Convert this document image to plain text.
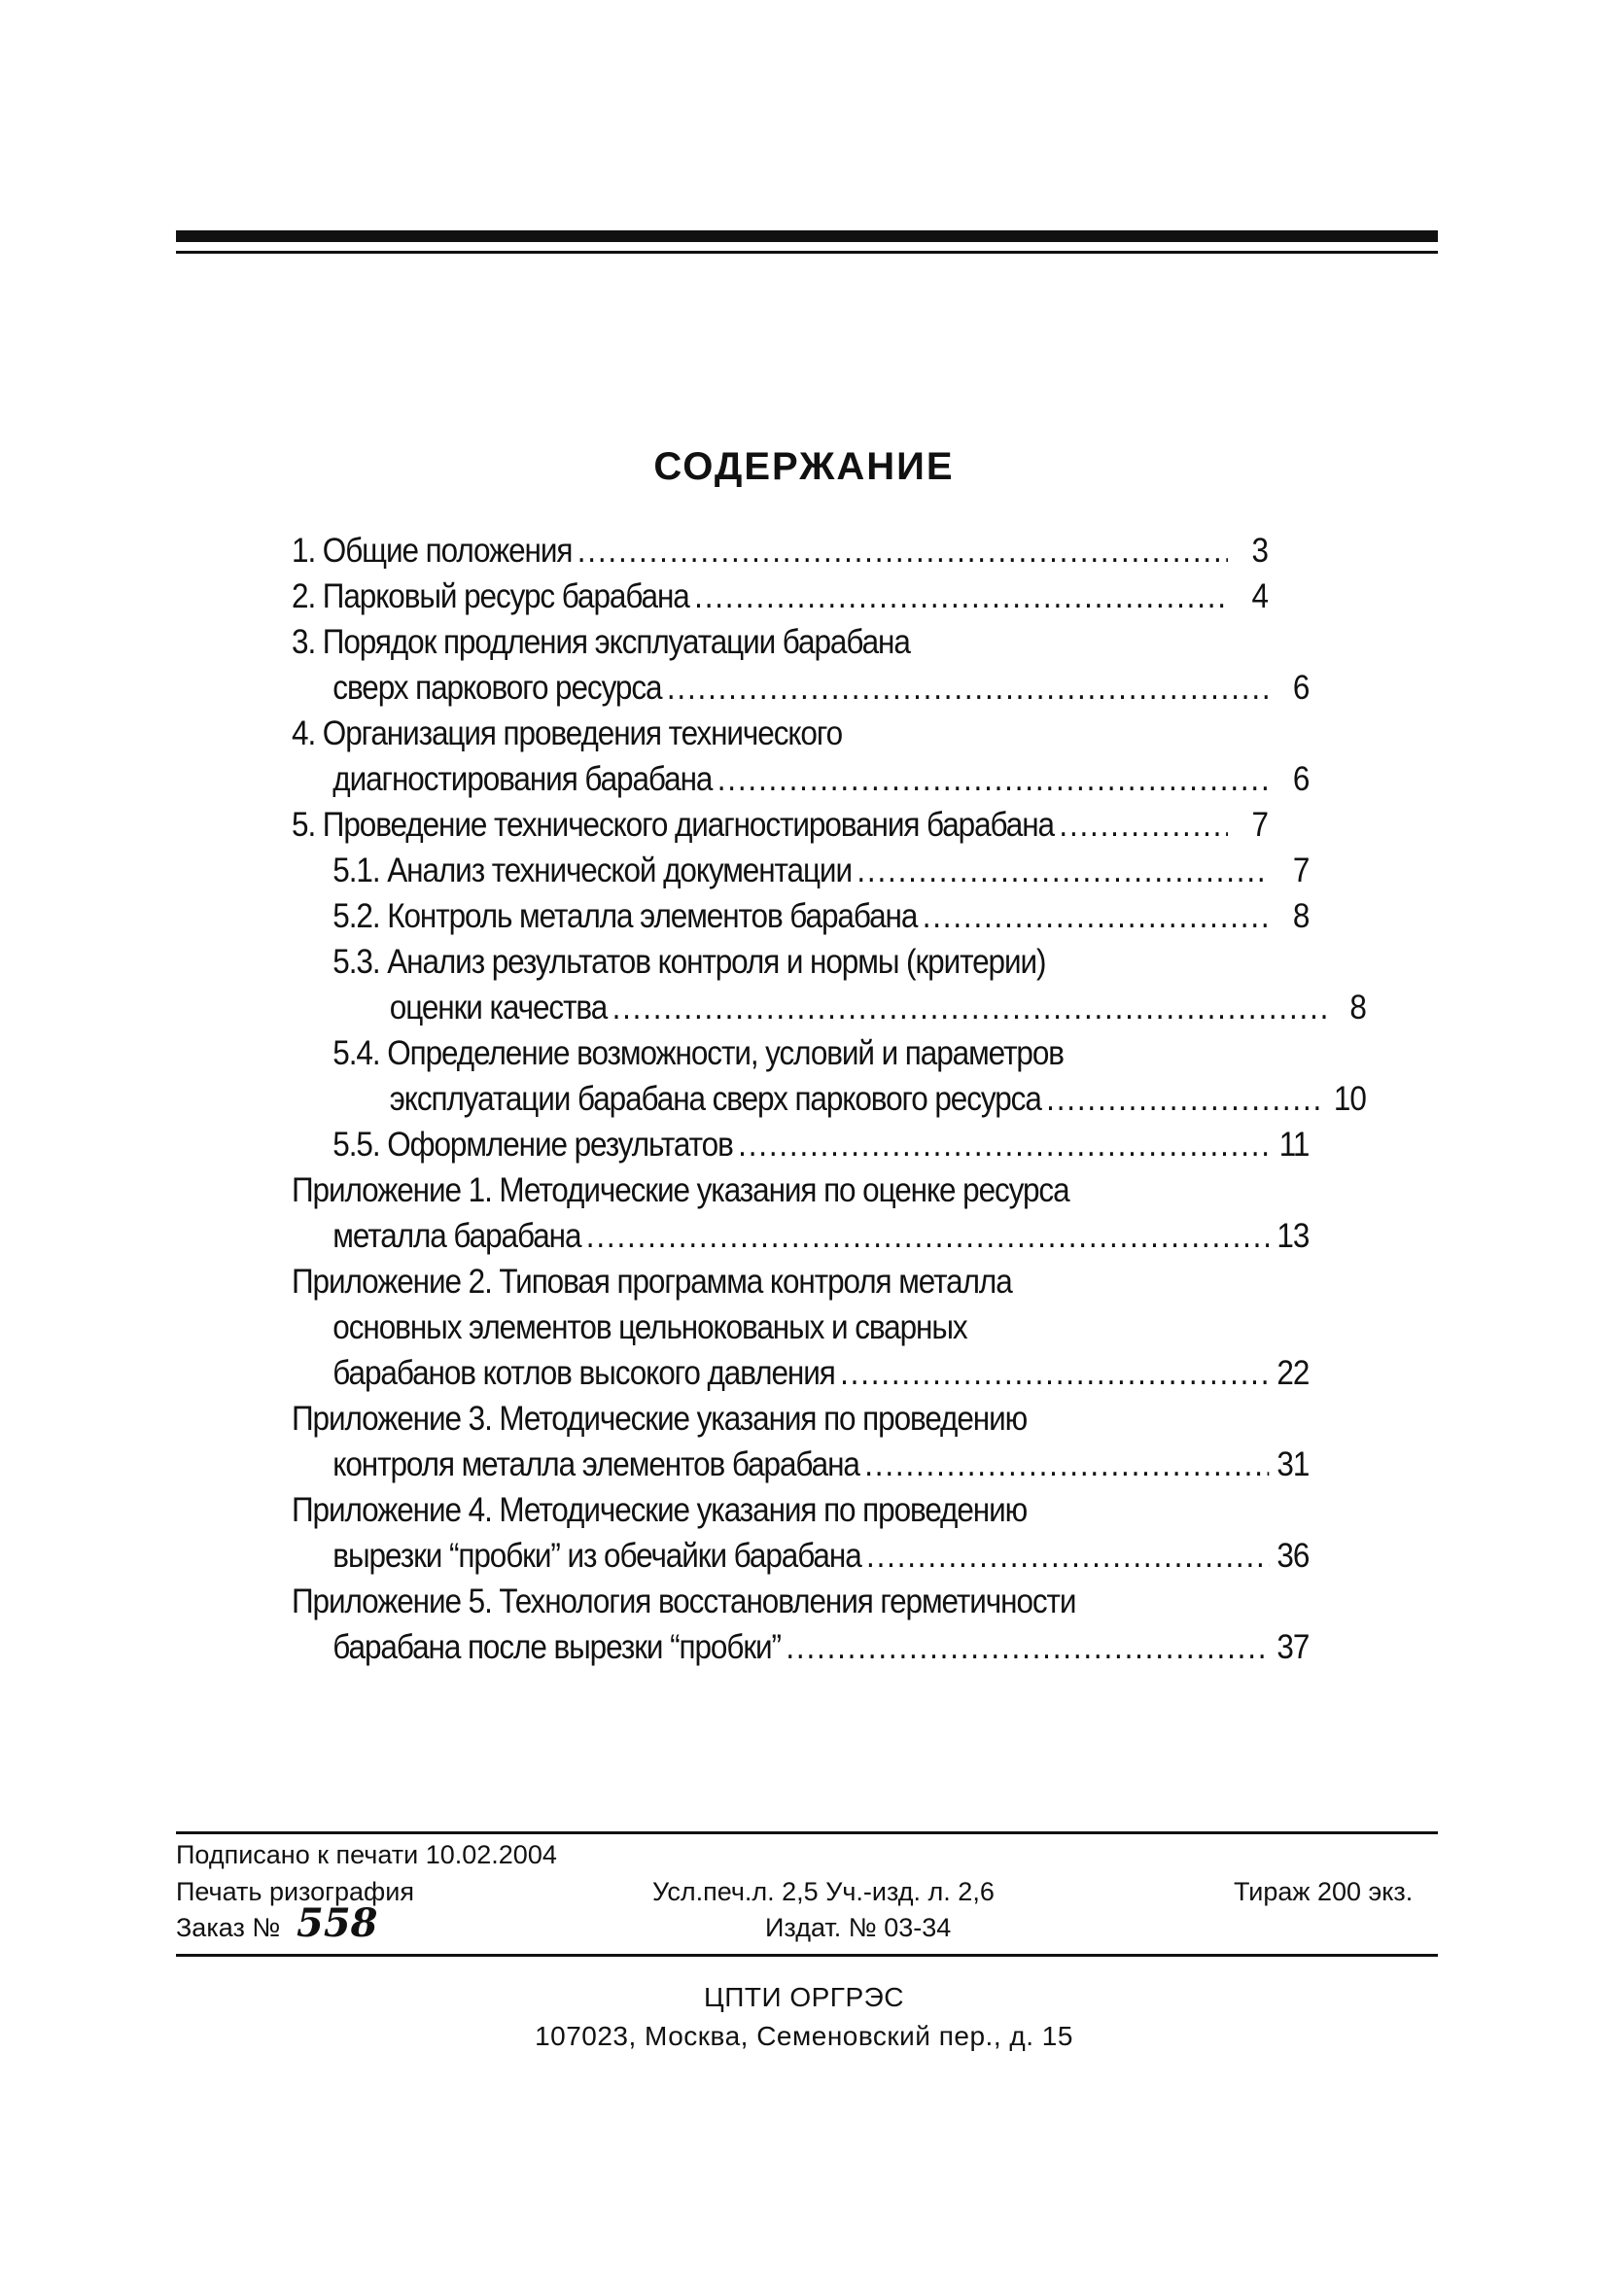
СОДЕРЖАНИЕ
1. Общие положения .....	3
2. Парковый ресурс барабана .....	4
3. Порядок продления эксплуатации барабана
сверх паркового ресурса .....	6
4. Организация проведения технического
диагностирования барабана .....	6
5. Проведение технического диагностирования барабана .....	7
5.1. Анализ технической документации .....	7
5.2. Контроль металла элементов барабана .....	8
5.3. Анализ результатов контроля и нормы (критерии)
оценки качества .....	8
5.4. Определение возможности, условий и параметров
эксплуатации барабана сверх паркового ресурса .....	10
5.5. Оформление результатов .....	11
Приложение 1. Методические указания по оценке ресурса
металла барабана .....	13
Приложение 2. Типовая программа контроля металла
основных элементов цельнокованых и сварных
барабанов котлов высокого давления .....	22
Приложение 3. Методические указания по проведению
контроля металла элементов барабана .....	31
Приложение 4. Методические указания по проведению
вырезки “пробки” из обечайки барабана .....	36
Приложение 5. Технология восстановления герметичности
барабана после вырезки “пробки” .....	37
Подписано к печати 10.02.2004
Печать ризография	Усл.печ.л. 2,5 Уч.-изд. л. 2,6	Тираж 200 экз.
Заказ № 558	Издат. № 03-34
ЦПТИ ОРГРЭС
107023, Москва, Семеновский пер., д. 15
